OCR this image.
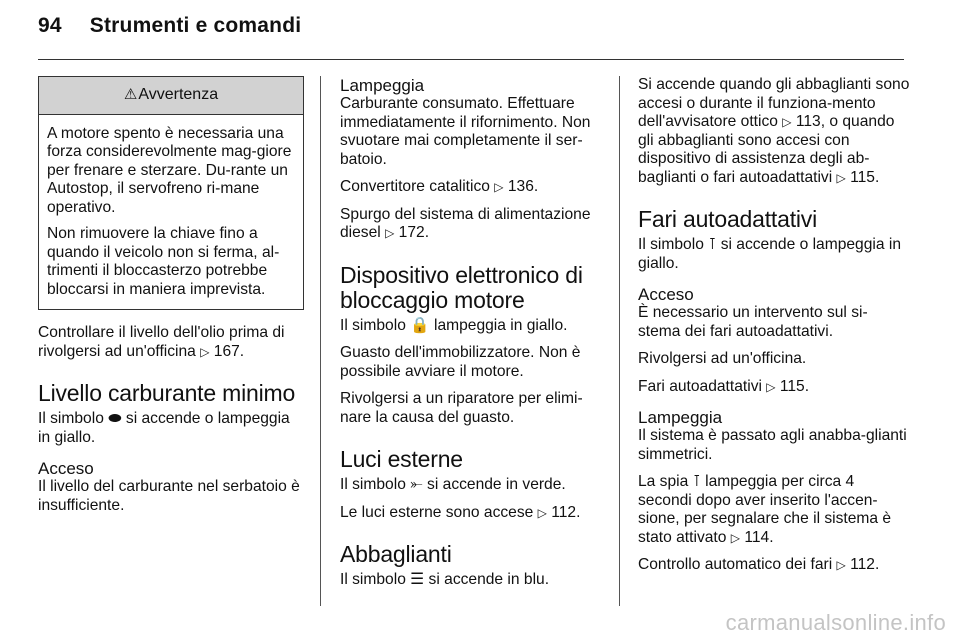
94 Strumenti e comandi
⚠Avvertenza

A motore spento è necessaria una forza considerevolmente mag-giore per frenare e sterzare. Du-rante un Autostop, il servofreno ri-mane operativo.

Non rimuovere la chiave fino a quando il veicolo non si ferma, al-trimenti il bloccasterzo potrebbe bloccarsi in maniera imprevista.

Controllare il livello dell'olio prima di rivolgersi ad un'officina ▷ 167.

Livello carburante minimo

Il simbolo ⬬ si accende o lampeggia in giallo.

Acceso

Il livello del carburante nel serbatoio è insufficiente.

Lampeggia

Carburante consumato. Effettuare immediatamente il rifornimento. Non svuotare mai completamente il ser-batoio.

Convertitore catalitico ▷ 136.

Spurgo del sistema di alimentazione diesel ▷ 172.

Dispositivo elettronico di bloccaggio motore

Il simbolo 🔒 lampeggia in giallo.

Guasto dell'immobilizzatore. Non è possibile avviare il motore.

Rivolgersi a un riparatore per elimi-nare la causa del guasto.

Luci esterne

Il simbolo ⤜ si accende in verde.

Le luci esterne sono accese ▷ 112.

Abbaglianti

Il simbolo ☰ si accende in blu.

Si accende quando gli abbaglianti sono accesi o durante il funziona-mento dell'avvisatore ottico ▷ 113, o quando gli abbaglianti sono accesi con dispositivo di assistenza degli ab-baglianti o fari autoadattativi ▷ 115.

Fari autoadattativi

Il simbolo ⊺ si accende o lampeggia in giallo.

Acceso

È necessario un intervento sul si-stema dei fari autoadattativi.

Rivolgersi ad un'officina.

Fari autoadattativi ▷ 115.

Lampeggia

Il sistema è passato agli anabba-glianti simmetrici.

La spia ⊺ lampeggia per circa 4 secondi dopo aver inserito l'accen-sione, per segnalare che il sistema è stato attivato ▷ 114.

Controllo automatico dei fari ▷ 112.

carmanualsonline.info
